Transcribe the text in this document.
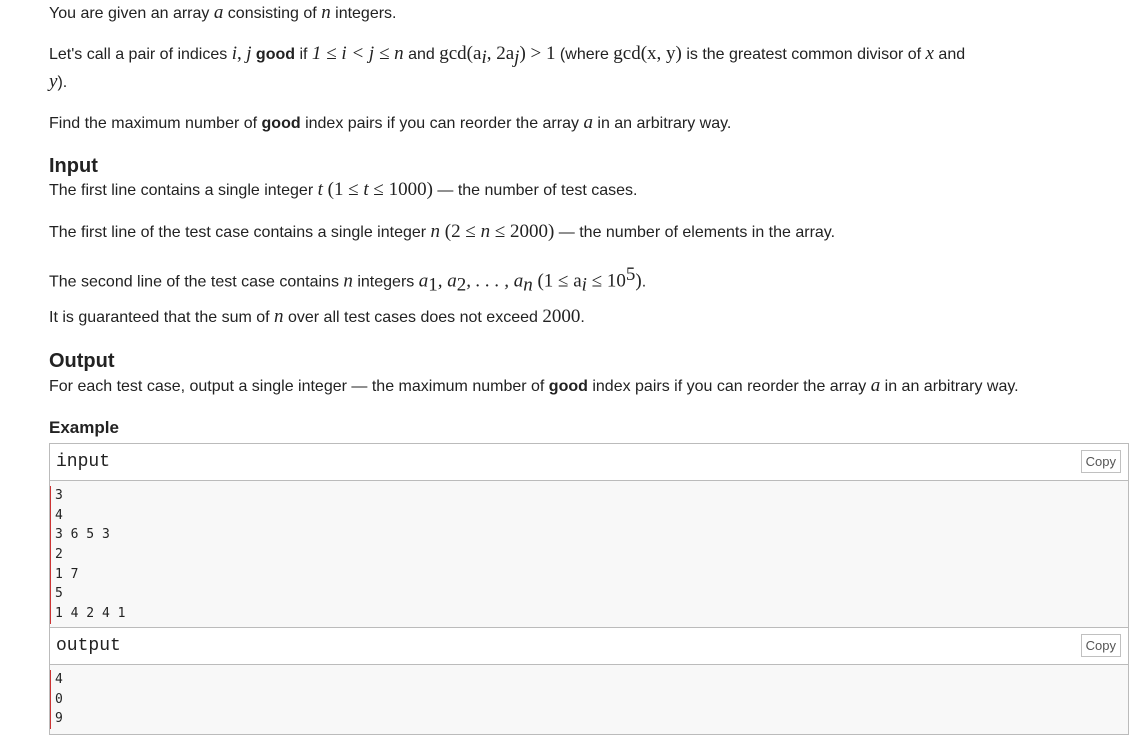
You are given an array a consisting of n integers.

Let's call a pair of indices i, j good if 1 ≤ i < j ≤ n and $\gcd(a_i$, $2a_j) > 1$ (where gcd(x, y) is the greatest common divisor of x and

y).

Find the maximum number of good index pairs if you can reorder the array a in an arbitrary way.

Input

The first line contains a single integer t (1 ≤ t ≤ 1000) — the number of test cases.

The first line of the test case contains a single integer n (2 ≤ n ≤ 2000) — the number of elements in the array.

The second line of the test case contains n integers $a_1$, $a_2$, . . . , $a_n$ $(1 \le a_i \le 10^5)$.

It is guaranteed that the sum of n over all test cases does not exceed 2000.

Output

For each test case, output a single integer — the maximum number of good index pairs if you can reorder the array a in an arbitrary way.

Example
input	Copy
3
4
3 6 5 3
2
1 7
5
1 4 2 4 1
output	Copy
4
0
9
